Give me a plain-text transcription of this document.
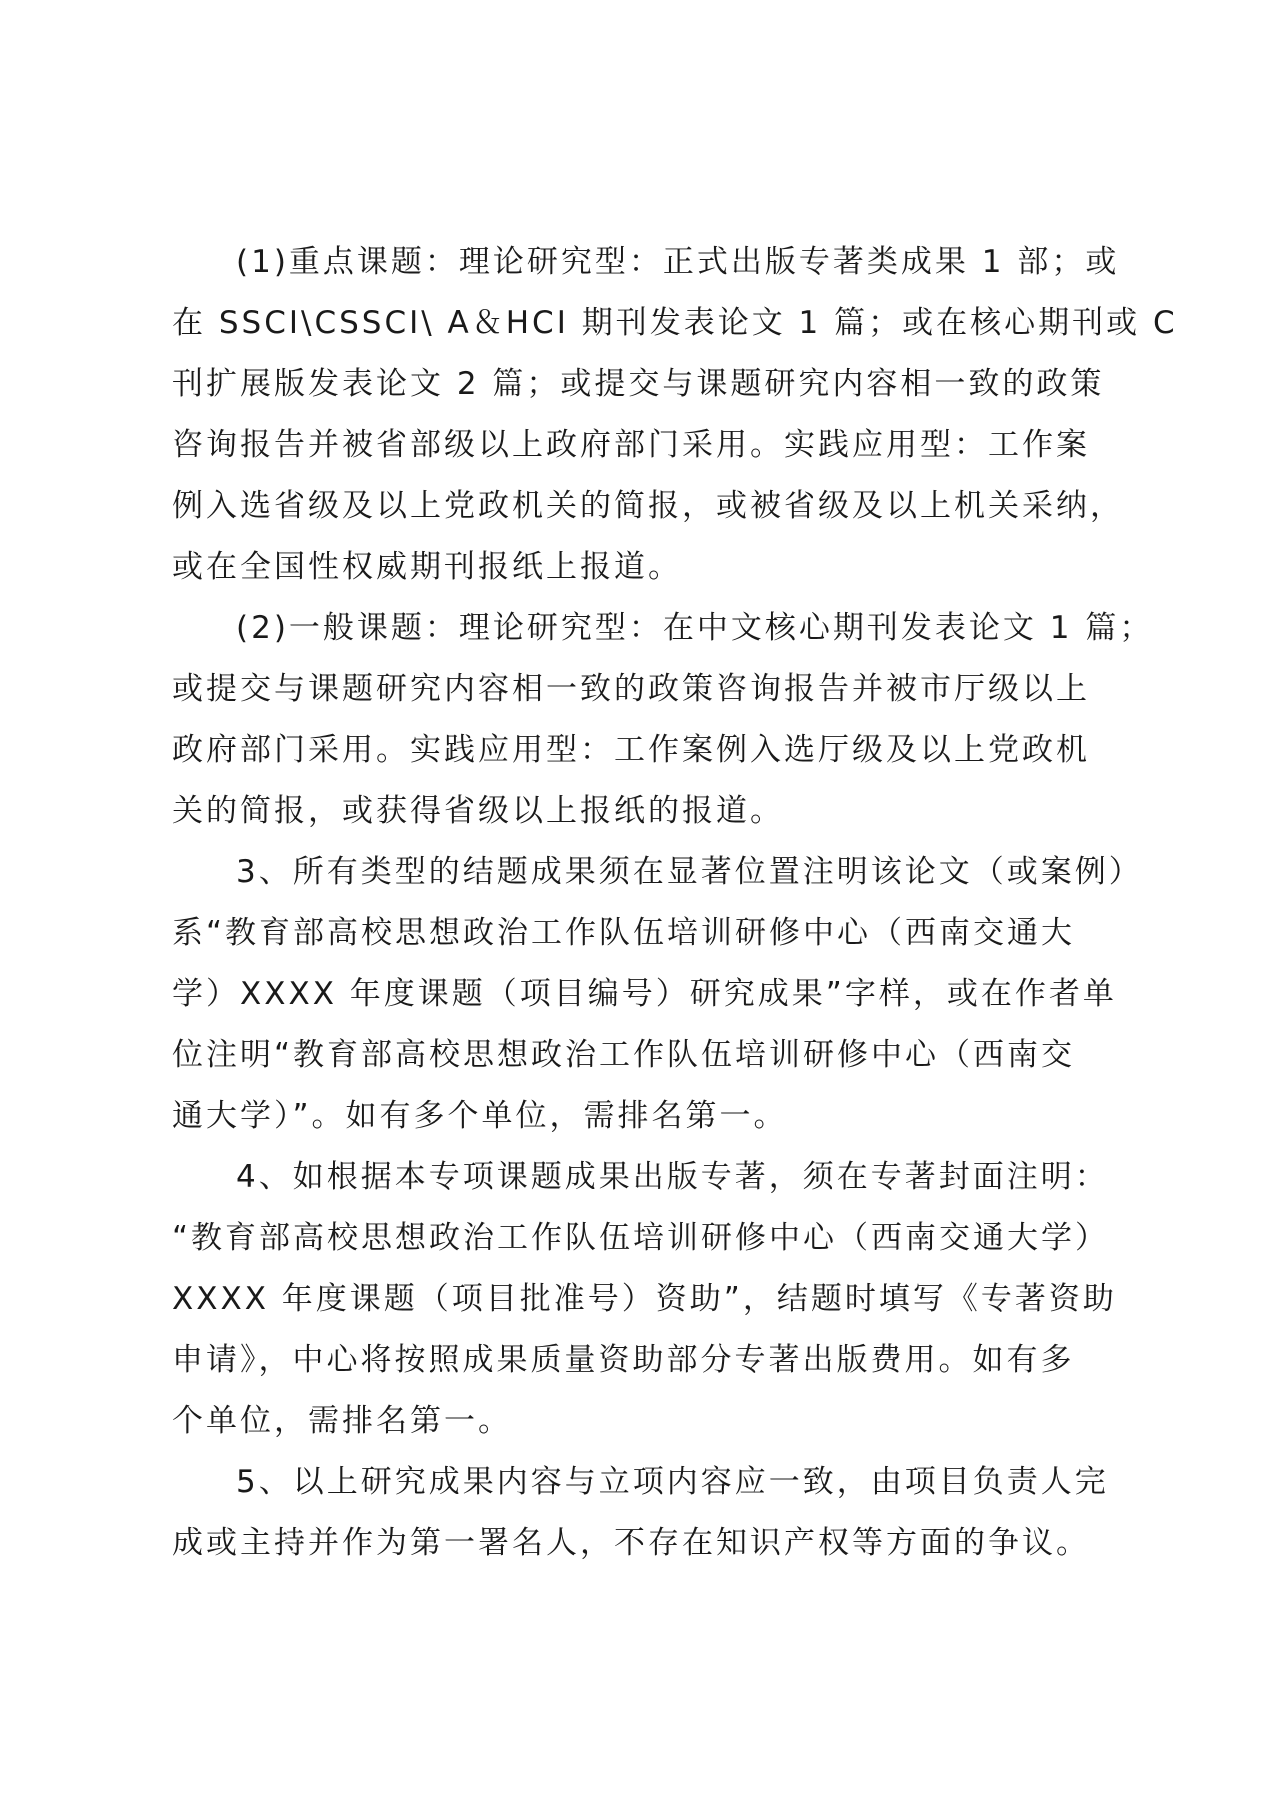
(1)重点课题：理论研究型：正式出版专著类成果 1 部；或
在 SSCI\CSSCI\ A＆HCI 期刊发表论文 1 篇；或在核心期刊或 C
刊扩展版发表论文 2 篇；或提交与课题研究内容相一致的政策
咨询报告并被省部级以上政府部门采用。实践应用型：工作案
例入选省级及以上党政机关的简报，或被省级及以上机关采纳，
或在全国性权威期刊报纸上报道。
(2)一般课题：理论研究型：在中文核心期刊发表论文 1 篇；
或提交与课题研究内容相一致的政策咨询报告并被市厅级以上
政府部门采用。实践应用型：工作案例入选厅级及以上党政机
关的简报，或获得省级以上报纸的报道。
3、所有类型的结题成果须在显著位置注明该论文（或案例）
系“教育部高校思想政治工作队伍培训研修中心（西南交通大
学）XXXX 年度课题（项目编号）研究成果”字样，或在作者单
位注明“教育部高校思想政治工作队伍培训研修中心（西南交
通大学）”。如有多个单位，需排名第一。
4、如根据本专项课题成果出版专著，须在专著封面注明：
“教育部高校思想政治工作队伍培训研修中心（西南交通大学）
XXXX 年度课题（项目批准号）资助”，结题时填写《专著资助
申请》，中心将按照成果质量资助部分专著出版费用。如有多
个单位，需排名第一。
5、以上研究成果内容与立项内容应一致，由项目负责人完
成或主持并作为第一署名人，不存在知识产权等方面的争议。
